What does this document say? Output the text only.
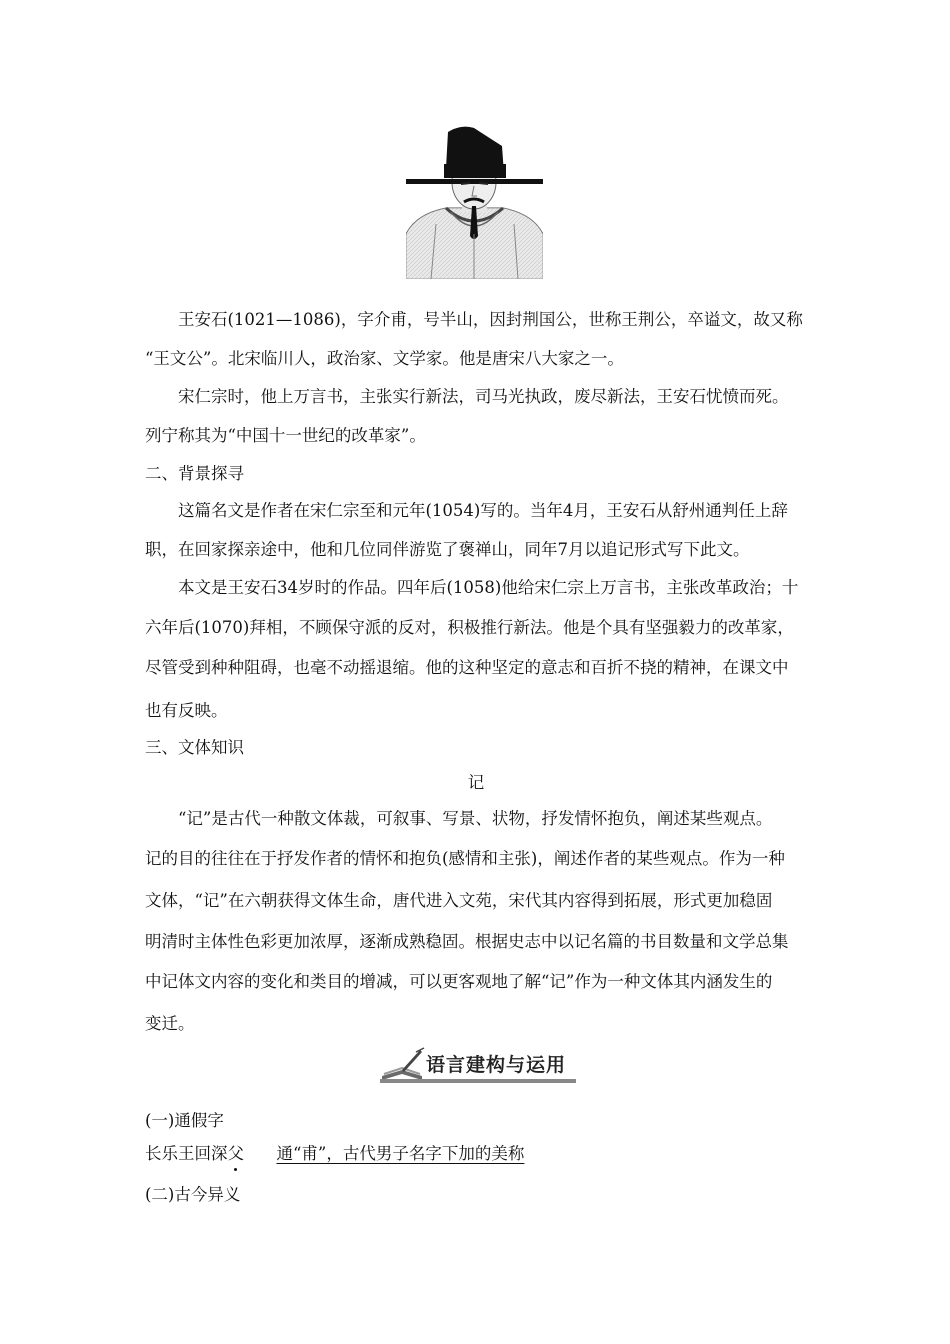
王安石(1021—1086)，字介甫，号半山，因封荆国公，世称王荆公，卒谥文，故又称
“王文公”。北宋临川人，政治家、文学家。他是唐宋八大家之一。
宋仁宗时，他上万言书，主张实行新法，司马光执政，废尽新法，王安石忧愤而死。
列宁称其为“中国十一世纪的改革家”。
二、背景探寻
这篇名文是作者在宋仁宗至和元年(1054)写的。当年4月，王安石从舒州通判任上辞
职，在回家探亲途中，他和几位同伴游览了褒禅山，同年7月以追记形式写下此文。
本文是王安石34岁时的作品。四年后(1058)他给宋仁宗上万言书，主张改革政治；十
六年后(1070)拜相，不顾保守派的反对，积极推行新法。他是个具有坚强毅力的改革家，
尽管受到种种阻碍，也毫不动摇退缩。他的这种坚定的意志和百折不挠的精神，在课文中
也有反映。
三、文体知识
记
“记”是古代一种散文体裁，可叙事、写景、状物，抒发情怀抱负，阐述某些观点。
记的目的往往在于抒发作者的情怀和抱负(感情和主张)，阐述作者的某些观点。作为一种
文体，“记”在六朝获得文体生命，唐代进入文苑，宋代其内容得到拓展，形式更加稳固
明清时主体性色彩更加浓厚，逐渐成熟稳固。根据史志中以记名篇的书目数量和文学总集
中记体文内容的变化和类目的增减，可以更客观地了解“记”作为一种文体其内涵发生的
变迁。
语言建构与运用
(一)通假字
长乐王回深父 通“甫”，古代男子名字下加的美称
(二)古今异义
